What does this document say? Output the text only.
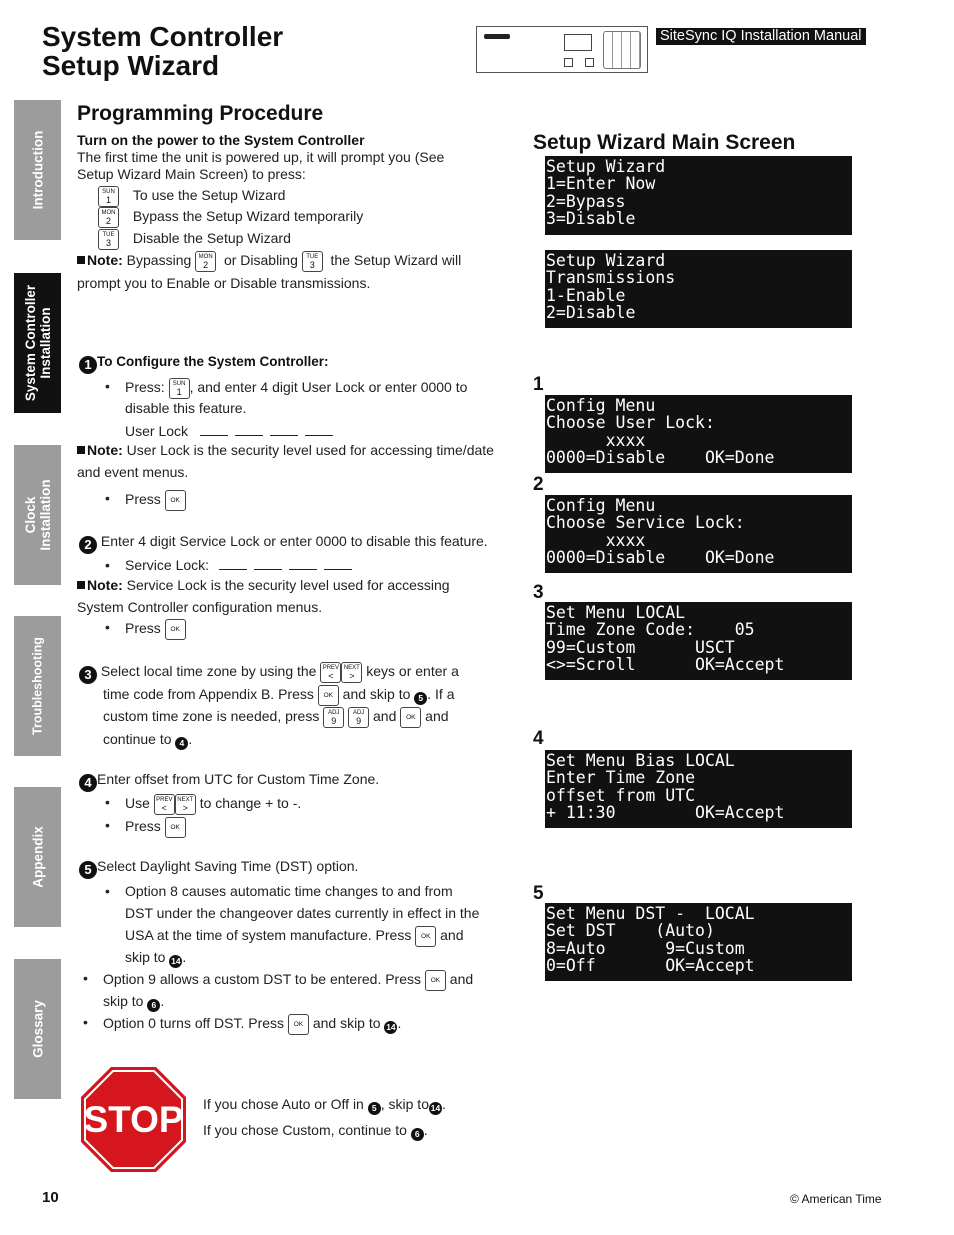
System Controller
Setup Wizard
SiteSync IQ Installation Manual
Introduction
System Controller Installation
Clock Installation
Troubleshooting
Appendix
Glossary
Programming Procedure
Turn on the power to the System Controller
The first time the unit is powered up, it will prompt you (See
Setup Wizard Main Screen) to press:
SUN
1	To use the Setup Wizard
MON
2	Bypass the Setup Wizard temporarily
TUE
3	Disable the Setup Wizard
Note: Bypassing MON
2	or Disabling TUE
3	the Setup Wizard will
prompt you to Enable or Disable transmissions.
1 To Configure the System Controller:
• Press: SUN
1 , and enter 4 digit User Lock or enter 0000 to
disable this feature.
User Lock
Note: User Lock is the security level used for accessing time/date
and event menus.
• Press OK
2 Enter 4 digit Service Lock or enter 0000 to disable this feature.
• Service Lock:
Note: Service Lock is the security level used for accessing
System Controller configuration menus.
• Press OK
3 Select local time zone by using the PREV
<
NEXT
> keys or enter a
time code from Appendix B. Press OK and skip to 5 . If a
custom time zone is needed, press ADJ
9
ADJ
9 and OK and
continue to 4 .
4 Enter offset from UTC for Custom Time Zone.
• Use PREV
<
NEXT
> to change + to -.
• Press OK
5 Select Daylight Saving Time (DST) option.
• Option 8 causes automatic time changes to and from
DST under the changeover dates currently in effect in the
USA at the time of system manufacture. Press OK and
skip to 14 .
• Option 9 allows a custom DST to be entered. Press OK and
skip to 6 .
• Option 0 turns off DST. Press OK and skip to 14 .
STOP If you chose Auto or Off in 5 , skip to 14 .
If you chose Custom, continue to 6 .
Setup Wizard Main Screen
Setup Wizard
1=Enter Now
2=Bypass
3=Disable
Setup Wizard
Transmissions
1-Enable
2=Disable
1
Config Menu
Choose User Lock:
xxxx
0000=Disable    OK=Done
2
Config Menu
Choose Service Lock:
xxxx
0000=Disable    OK=Done
3
Set Menu LOCAL
Time Zone Code:    05
99=Custom      USCT
<>=Scroll      OK=Accept
4
Set Menu Bias LOCAL
Enter Time Zone
offset from UTC
+ 11:30        OK=Accept
5
Set Menu DST -  LOCAL
Set DST    (Auto)
8=Auto      9=Custom
0=Off       OK=Accept
10	© American Time
